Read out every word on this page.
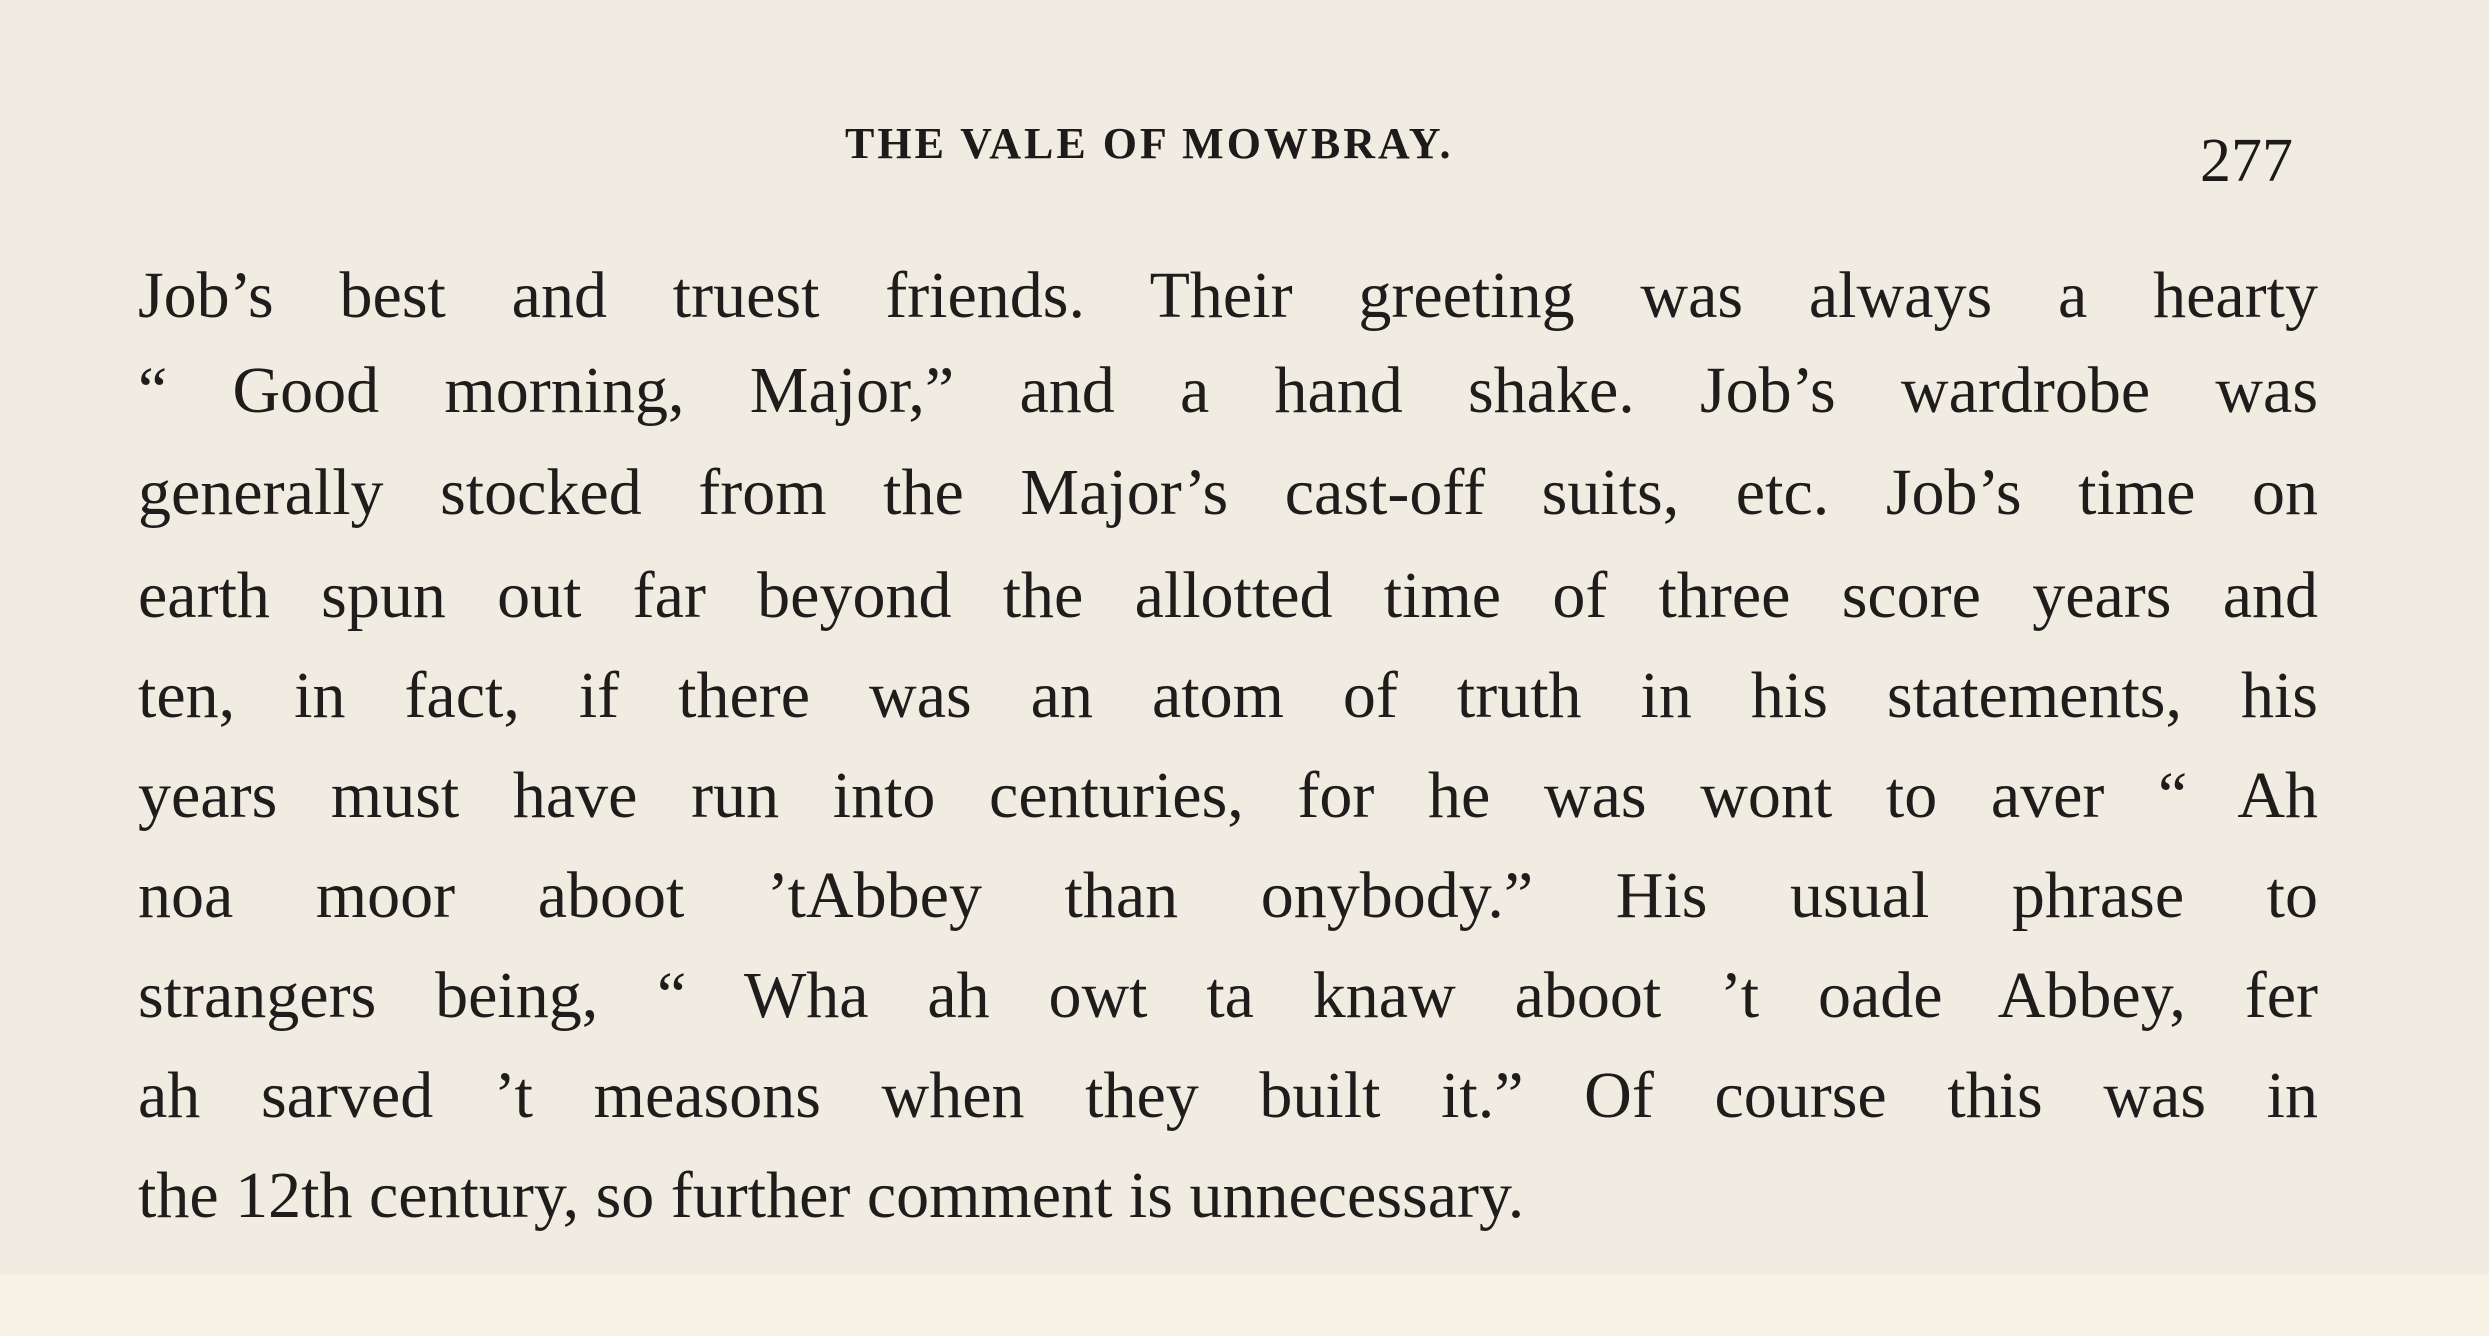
THE VALE OF MOWBRAY.	277
Job’s best and truest friends. Their greeting was always a hearty
“ Good morning, Major,” and a hand shake. Job’s wardrobe was
generally stocked from the Major’s cast-off suits, etc. Job’s time on
earth spun out far beyond the allotted time of three score years and
ten, in fact, if there was an atom of truth in his statements, his
years must have run into centuries, for he was wont to aver “ Ah
noa moor aboot ’tAbbey than onybody.” His usual phrase to
strangers being, “ Wha ah owt ta knaw aboot ’t oade Abbey, fer
ah sarved ’t measons when they built it.” Of course this was in
the 12th century, so further comment is unnecessary.
